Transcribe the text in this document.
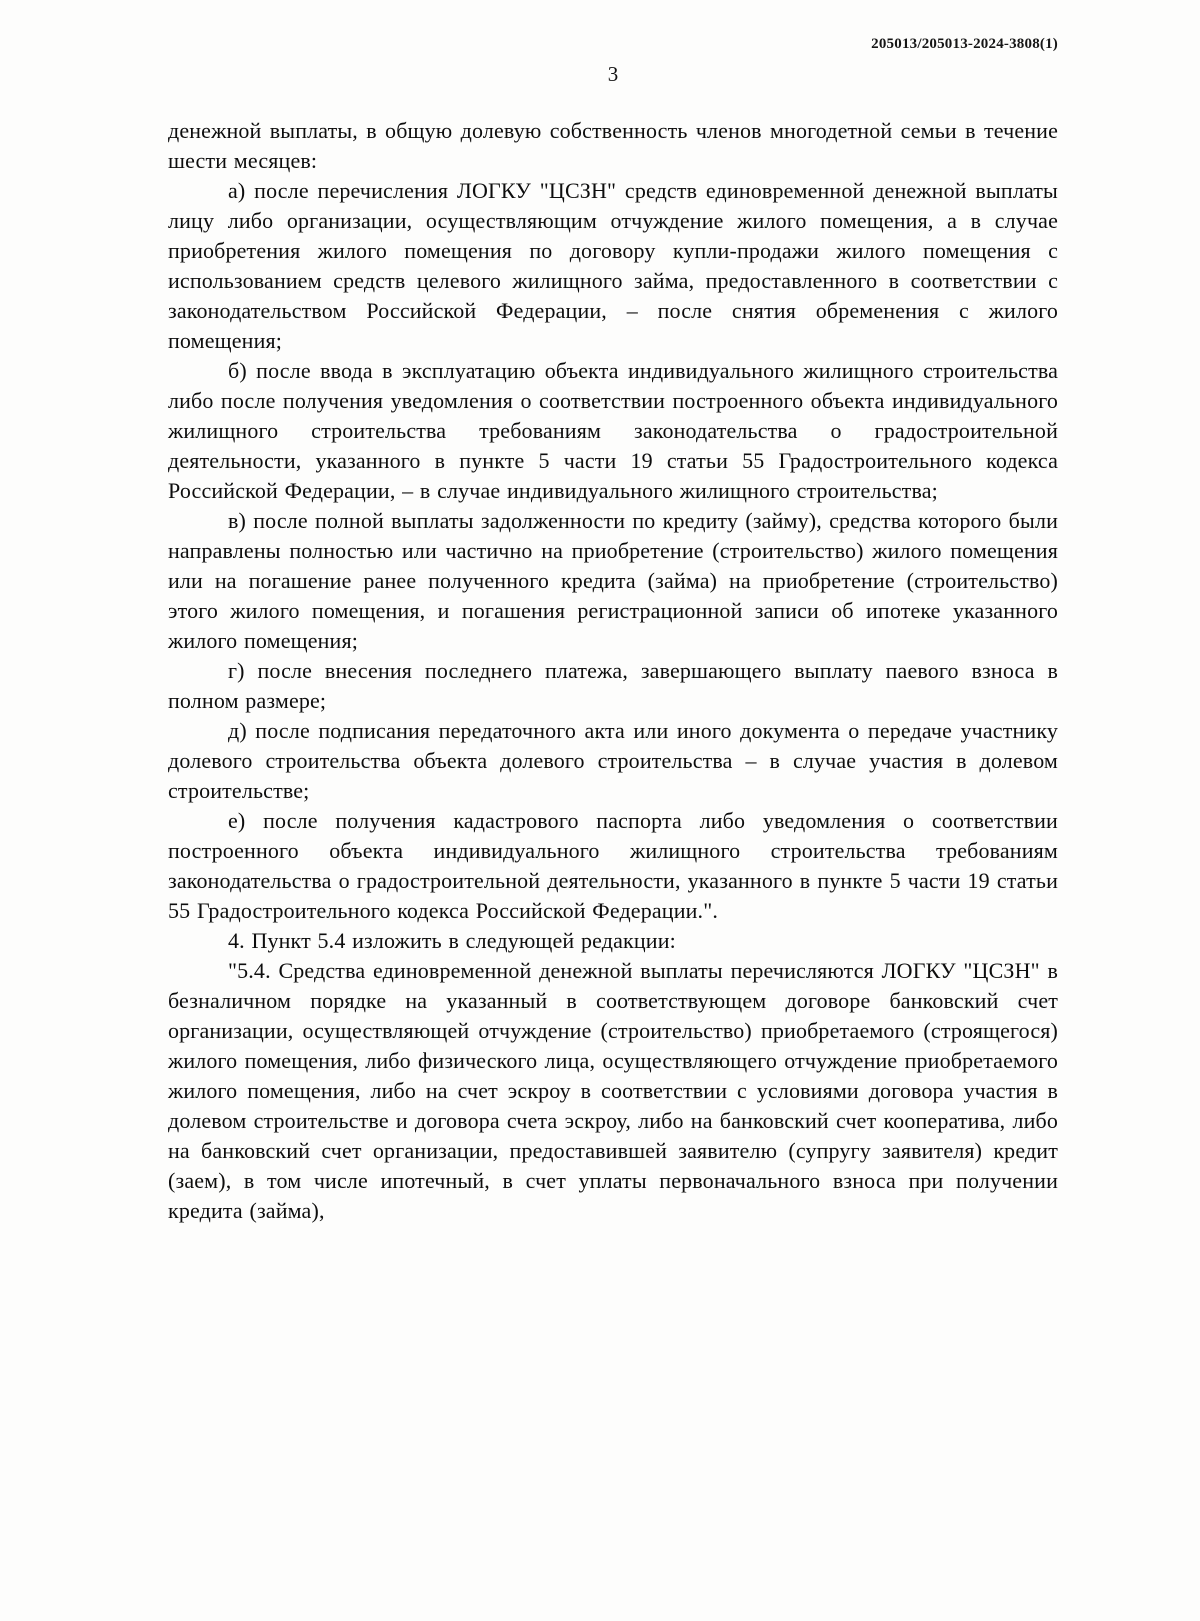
205013/205013-2024-3808(1)
3

денежной выплаты, в общую долевую собственность членов многодетной семьи в течение шести месяцев:

а) после перечисления ЛОГКУ "ЦСЗН" средств единовременной денежной выплаты лицу либо организации, осуществляющим отчуждение жилого помещения, а в случае приобретения жилого помещения по договору купли-продажи жилого помещения с использованием средств целевого жилищного займа, предоставленного в соответствии с законодательством Российской Федерации, – после снятия обременения с жилого помещения;

б) после ввода в эксплуатацию объекта индивидуального жилищного строительства либо после получения уведомления о соответствии построенного объекта индивидуального жилищного строительства требованиям законодательства о градостроительной деятельности, указанного в пункте 5 части 19 статьи 55 Градостроительного кодекса Российской Федерации, – в случае индивидуального жилищного строительства;

в) после полной выплаты задолженности по кредиту (займу), средства которого были направлены полностью или частично на приобретение (строительство) жилого помещения или на погашение ранее полученного кредита (займа) на приобретение (строительство) этого жилого помещения, и погашения регистрационной записи об ипотеке указанного жилого помещения;

г) после внесения последнего платежа, завершающего выплату паевого взноса в полном размере;

д) после подписания передаточного акта или иного документа о передаче участнику долевого строительства объекта долевого строительства – в случае участия в долевом строительстве;

е) после получения кадастрового паспорта либо уведомления о соответствии построенного объекта индивидуального жилищного строительства требованиям законодательства о градостроительной деятельности, указанного в пункте 5 части 19 статьи 55 Градостроительного кодекса Российской Федерации.".

4. Пункт 5.4 изложить в следующей редакции:

"5.4. Средства единовременной денежной выплаты перечисляются ЛОГКУ "ЦСЗН" в безналичном порядке на указанный в соответствующем договоре банковский счет организации, осуществляющей отчуждение (строительство) приобретаемого (строящегося) жилого помещения, либо физического лица, осуществляющего отчуждение приобретаемого жилого помещения, либо на счет эскроу в соответствии с условиями договора участия в долевом строительстве и договора счета эскроу, либо на банковский счет кооператива, либо на банковский счет организации, предоставившей заявителю (супругу заявителя) кредит (заем), в том числе ипотечный, в счет уплаты первоначального взноса при получении кредита (займа),
